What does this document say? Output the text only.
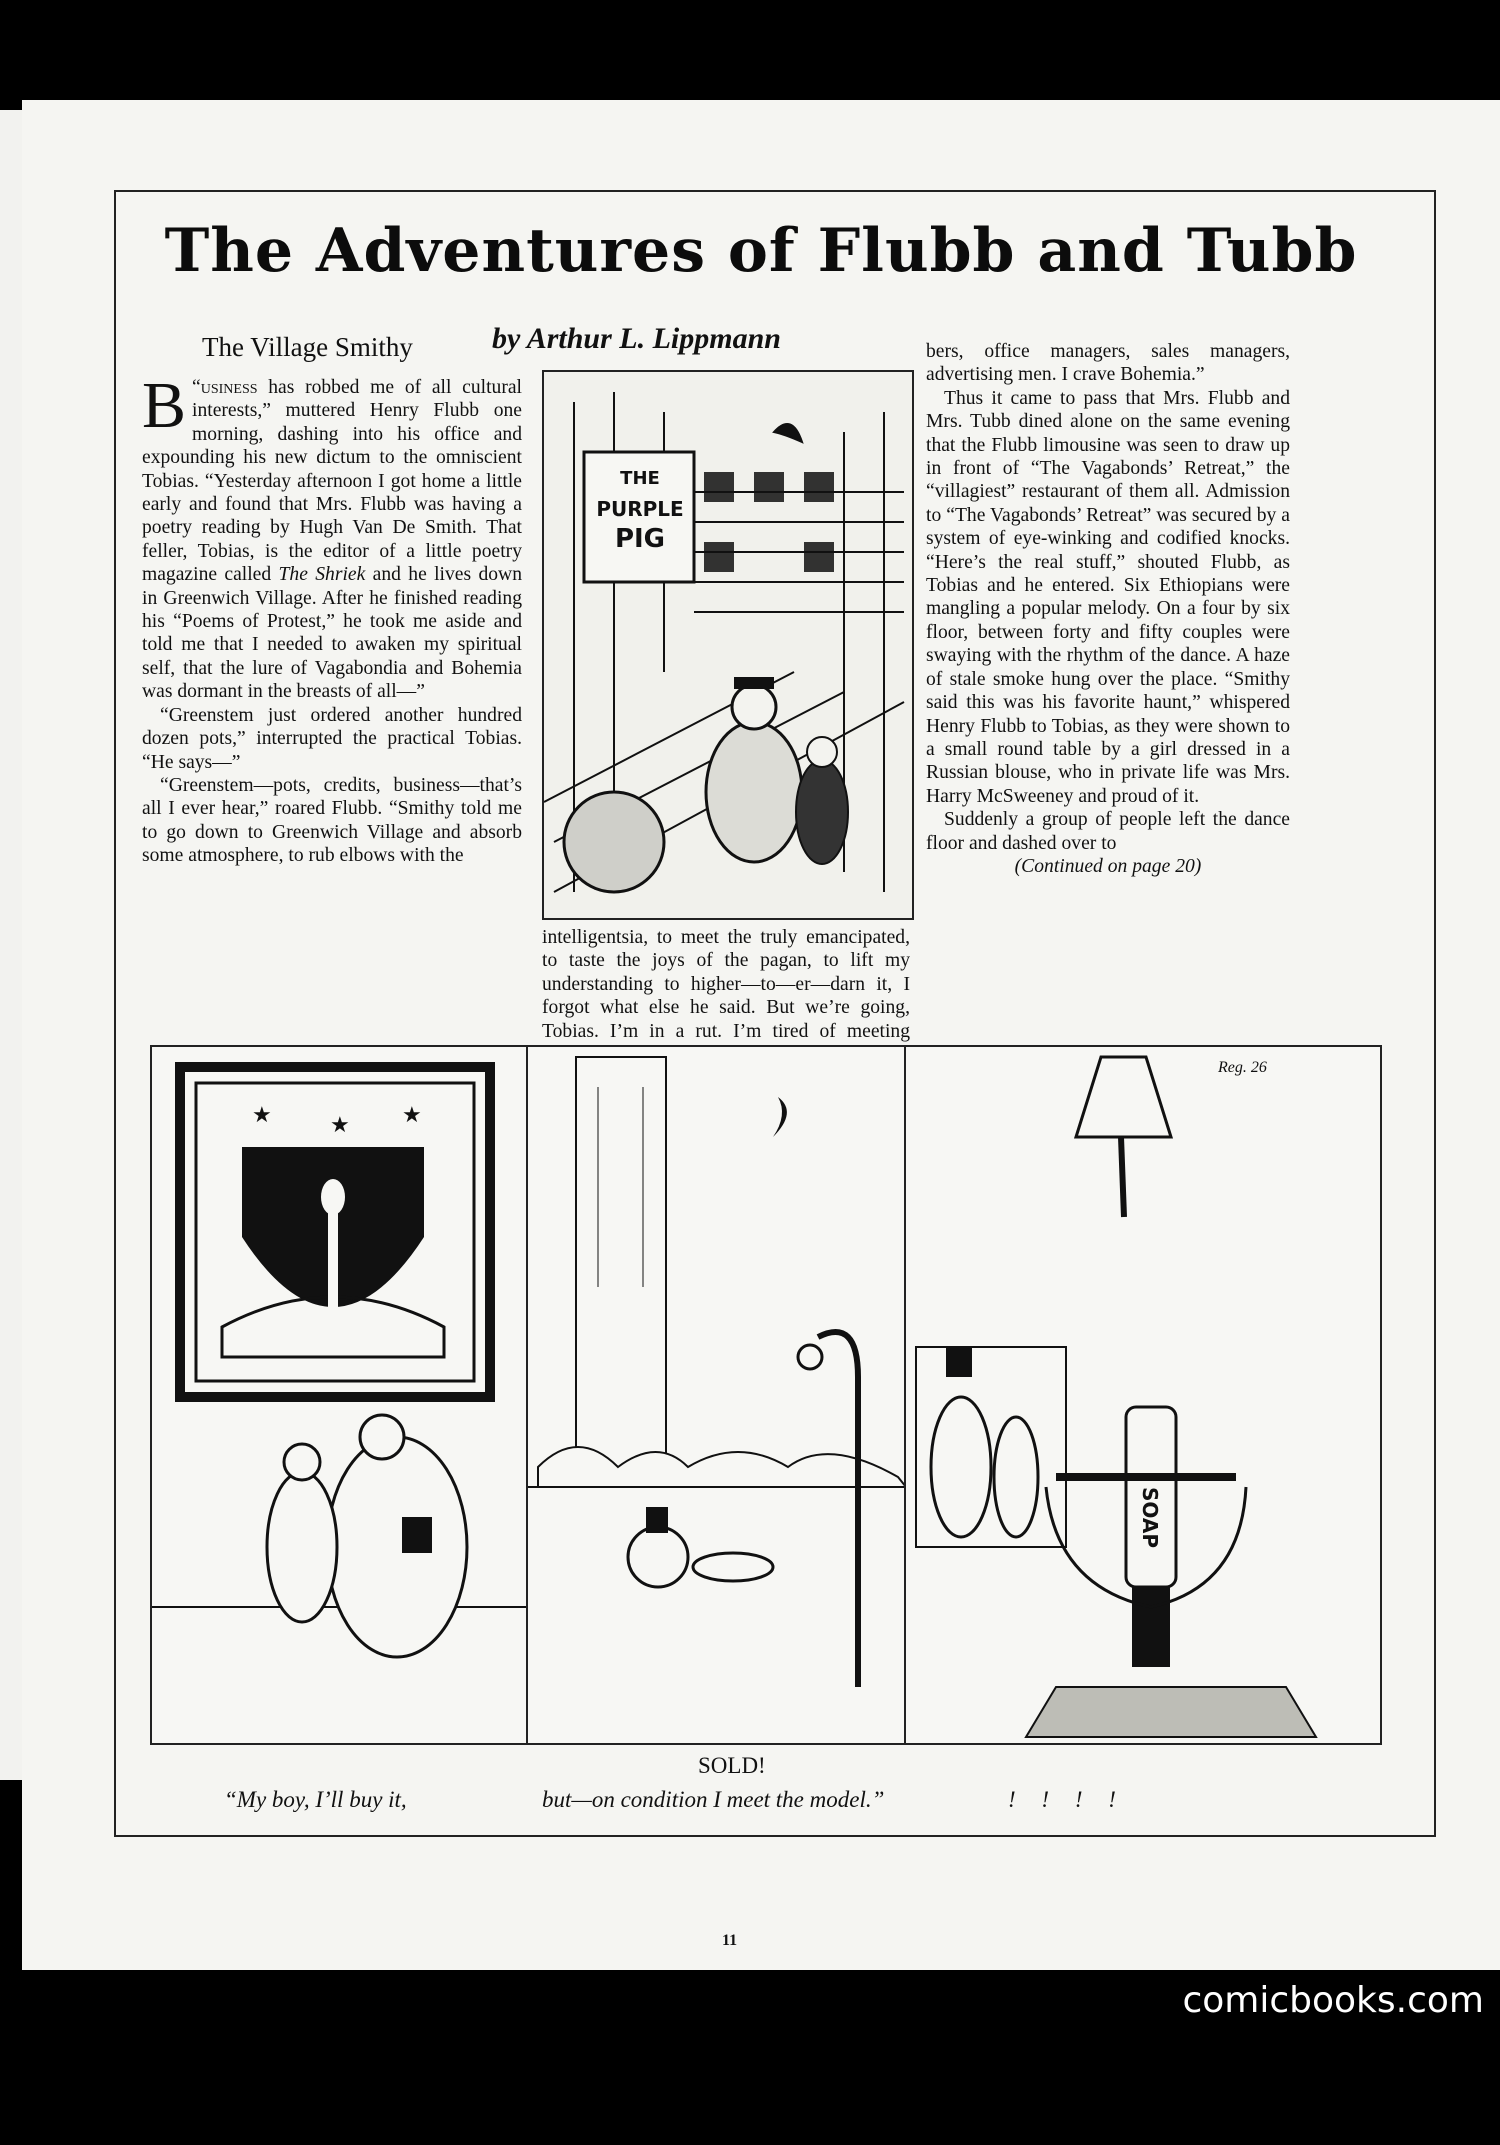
The Adventures of Flubb and Tubb
by Arthur L. Lippmann
The Village Smithy

“
B usiness has robbed me of all cultural interests,” muttered Henry Flubb one morning, dashing into his office and expounding his new dictum to the omniscient Tobias. “Yesterday afternoon I got home a little early and found that Mrs. Flubb was having a poetry reading by Hugh Van De Smith. That feller, Tobias, is the editor of a little poetry magazine called The Shriek and he lives down in Greenwich Village. After he finished reading his “Poems of Protest,” he took me aside and told me that I needed to awaken my spiritual self, that the lure of Vagabondia and Bohemia was dormant in the breasts of all—”

“Greenstem just ordered another hundred dozen pots,” interrupted the practical Tobias. “He says—”

“Greenstem—pots, credits, business—that’s all I ever hear,” roared Flubb. “Smithy told me to go down to Greenwich Village and absorb some atmosphere, to rub elbows with the

THE
PURPLE
PIG

intelligentsia, to meet the truly emancipated, to taste the joys of the pagan, to lift my understanding to higher—to—er—darn it, I forgot what else he said. But we’re going, Tobias. I’m in a rut. I’m tired of meeting

bers, office managers, sales managers, advertising men. I crave Bohemia.”

Thus it came to pass that Mrs. Flubb and Mrs. Tubb dined alone on the same evening that the Flubb limousine was seen to draw up in front of “The Vagabonds’ Retreat,” the “villagiest” restaurant of them all. Admission to “The Vagabonds’ Retreat” was secured by a system of eye-winking and codified knocks. “Here’s the real stuff,” shouted Flubb, as Tobias and he entered. Six Ethiopians were mangling a popular melody. On a four by six floor, between forty and fifty couples were swaying with the rhythm of the dance. A haze of stale smoke hung over the place. “Smithy said this was his favorite haunt,” whispered Henry Flubb to Tobias, as they were shown to a small round table by a girl dressed in a Russian blouse, who in private life was Mrs. Harry McSweeney and proud of it.

Suddenly a group of people left the dance floor and dashed over to

(Continued on page 20)

★	★ ★
SOAP
Reg. 26
SOLD!
“My boy, I’ll buy it,	but—on condition I meet the model.”	! ! ! !
11
comicbooks.com
